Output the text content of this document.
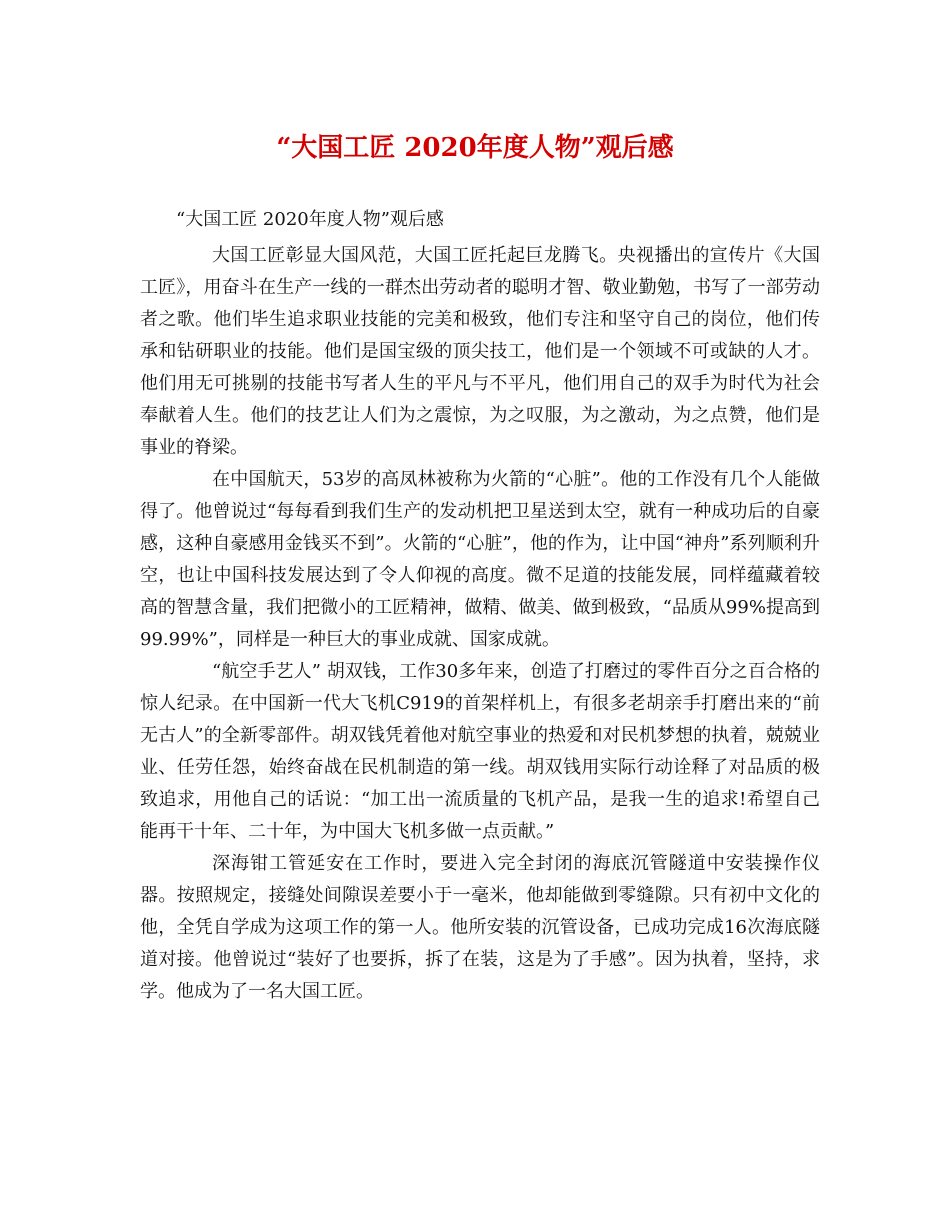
“大国工匠 2020年度人物”观后感

“大国工匠 2020年度人物”观后感

大国工匠彰显大国风范，大国工匠托起巨龙腾飞。央视播出的宣传片《大国工匠》，用奋斗在生产一线的一群杰出劳动者的聪明才智、敬业勤勉，书写了一部劳动者之歌。他们毕生追求职业技能的完美和极致，他们专注和坚守自己的岗位，他们传承和钻研职业的技能。他们是国宝级的顶尖技工，他们是一个领域不可或缺的人才。他们用无可挑剔的技能书写者人生的平凡与不平凡，他们用自己的双手为时代为社会奉献着人生。他们的技艺让人们为之震惊，为之叹服，为之激动，为之点赞，他们是事业的脊梁。

在中国航天，53岁的高凤林被称为火箭的“心脏”。他的工作没有几个人能做得了。他曾说过“每每看到我们生产的发动机把卫星送到太空，就有一种成功后的自豪感，这种自豪感用金钱买不到”。火箭的“心脏”，他的作为，让中国“神舟”系列顺利升空，也让中国科技发展达到了令人仰视的高度。微不足道的技能发展，同样蕴藏着较高的智慧含量，我们把微小的工匠精神，做精、做美、做到极致，“品质从99%提高到99.99%”，同样是一种巨大的事业成就、国家成就。

“航空手艺人” 胡双钱，工作30多年来，创造了打磨过的零件百分之百合格的惊人纪录。在中国新一代大飞机C919的首架样机上，有很多老胡亲手打磨出来的“前无古人”的全新零部件。胡双钱凭着他对航空事业的热爱和对民机梦想的执着，兢兢业业、任劳任怨，始终奋战在民机制造的第一线。胡双钱用实际行动诠释了对品质的极致追求，用他自己的话说：“加工出一流质量的飞机产品，是我一生的追求!希望自己能再干十年、二十年，为中国大飞机多做一点贡献。”

深海钳工管延安在工作时，要进入完全封闭的海底沉管隧道中安装操作仪器。按照规定，接缝处间隙误差要小于一毫米，他却能做到零缝隙。只有初中文化的他，全凭自学成为这项工作的第一人。他所安装的沉管设备，已成功完成16次海底隧道对接。他曾说过“装好了也要拆，拆了在装，这是为了手感”。因为执着，坚持，求学。他成为了一名大国工匠。
